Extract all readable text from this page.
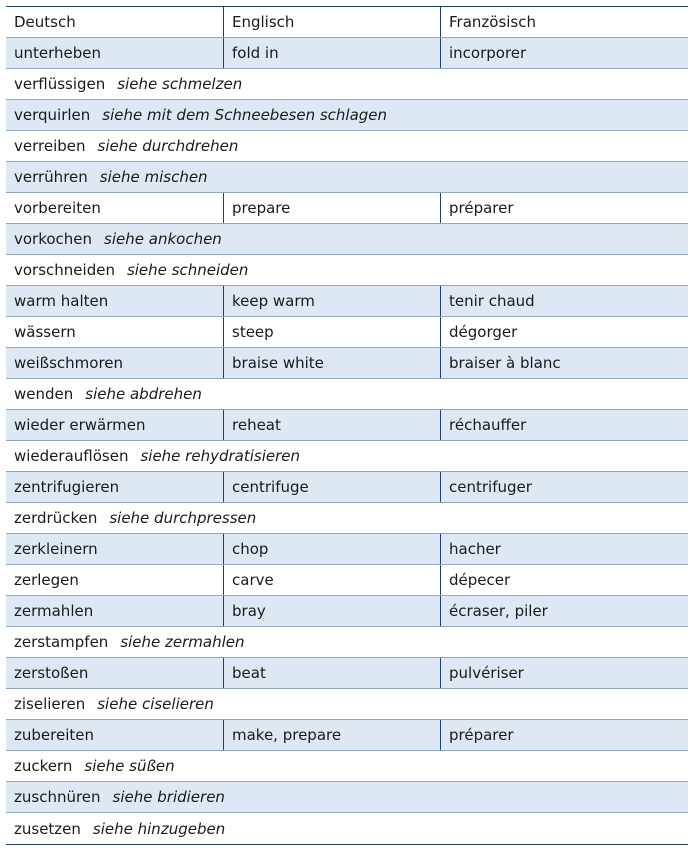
Deutsch	Englisch	Französisch
unterheben	fold in	incorporer
verflüssigen siehe schmelzen
verquirlen siehe mit dem Schneebesen schlagen
verreiben siehe durchdrehen
verrühren siehe mischen
vorbereiten	prepare	préparer
vorkochen siehe ankochen
vorschneiden siehe schneiden
warm halten	keep warm	tenir chaud
wässern	steep	dégorger
weißschmoren	braise white	braiser à blanc
wenden siehe abdrehen
wieder erwärmen	reheat	réchauffer
wiederauflösen siehe rehydratisieren
zentrifugieren	centrifuge	centrifuger
zerdrücken siehe durchpressen
zerkleinern	chop	hacher
zerlegen	carve	dépecer
zermahlen	bray	écraser, piler
zerstampfen siehe zermahlen
zerstoßen	beat	pulvériser
ziselieren siehe ciselieren
zubereiten	make, prepare	préparer
zuckern siehe süßen
zuschnüren siehe bridieren
zusetzen siehe hinzugeben
